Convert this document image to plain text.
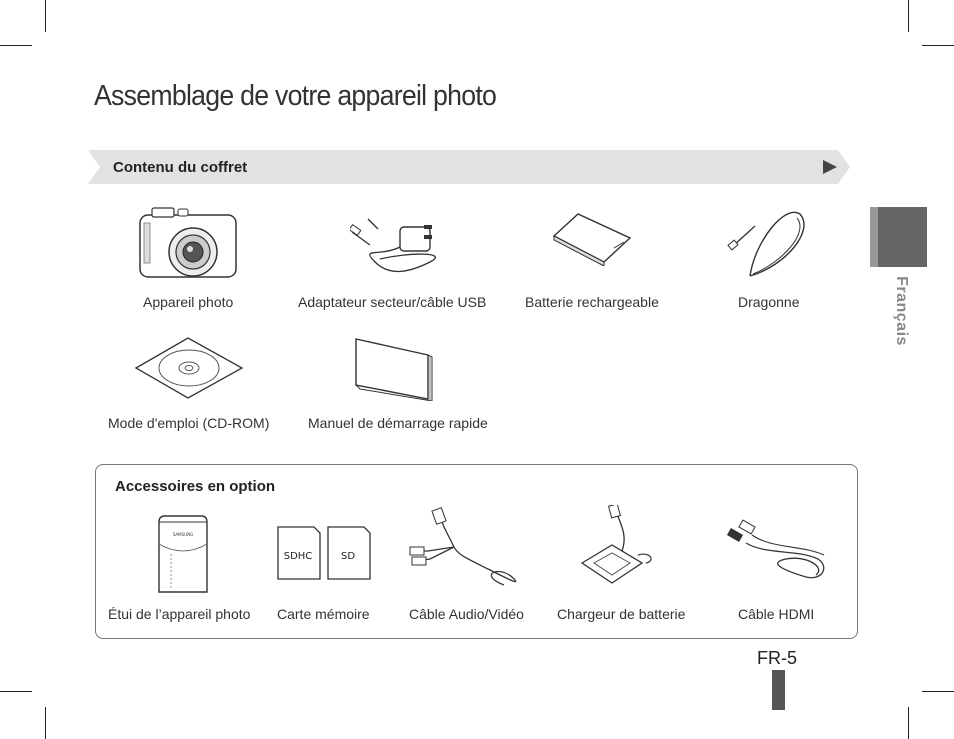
Assemblage de votre appareil photo
Contenu du coffret
Appareil photo	Adaptateur secteur/câble USB	Batterie rechargeable	Dragonne
Mode d'emploi (CD-ROM)	Manuel de démarrage rapide
Accessoires en option
SAMSUNG
Étui de l’appareil photo
SDHC	SD
Carte mémoire	Câble Audio/Vidéo Chargeur de batterie	Câble HDMI
Français
FR-5
